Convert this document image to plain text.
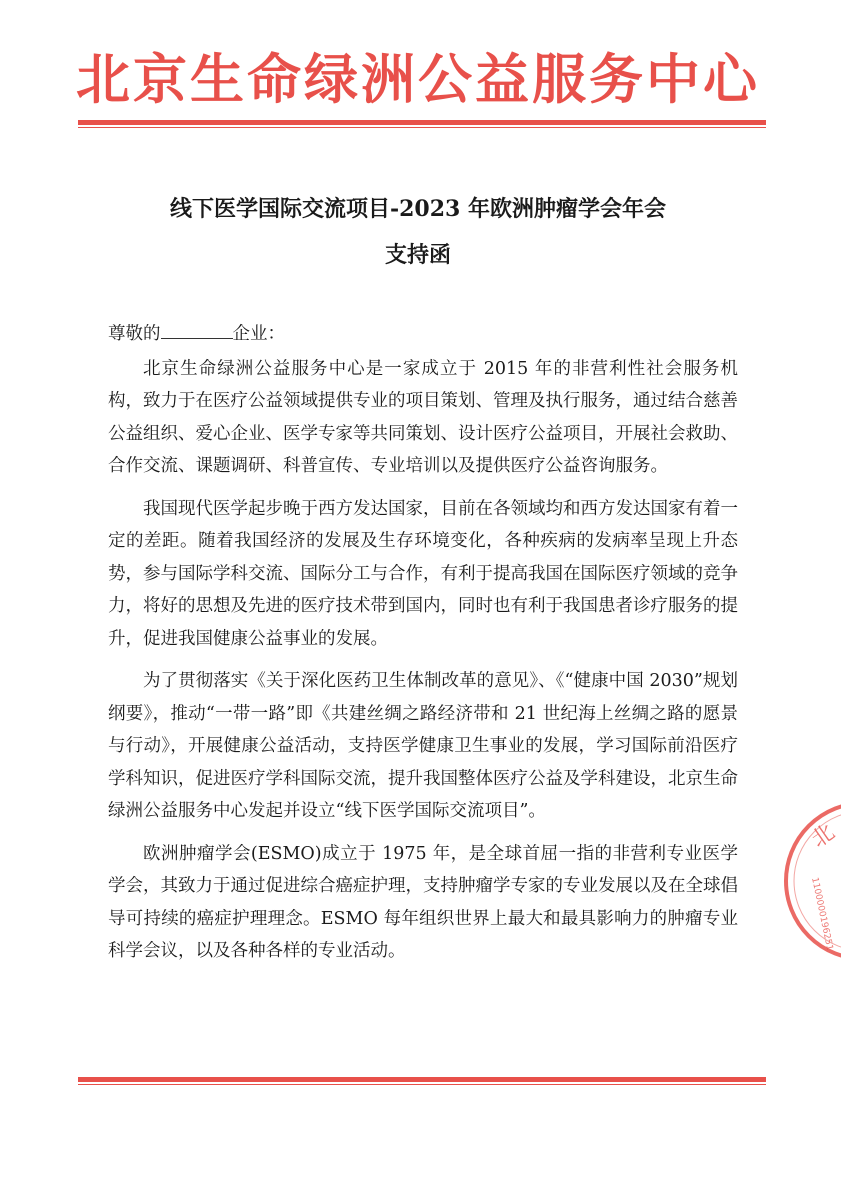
北京生命绿洲公益服务中心
线下医学国际交流项目-2023 年欧洲肿瘤学会年会
支持函

尊敬的	企业：

北京生命绿洲公益服务中心是一家成立于 2015 年的非营利性社会服务机构，致力于在医疗公益领域提供专业的项目策划、管理及执行服务，通过结合慈善公益组织、爱心企业、医学专家等共同策划、设计医疗公益项目，开展社会救助、合作交流、课题调研、科普宣传、专业培训以及提供医疗公益咨询服务。

我国现代医学起步晚于西方发达国家，目前在各领域均和西方发达国家有着一定的差距。随着我国经济的发展及生存环境变化，各种疾病的发病率呈现上升态势，参与国际学科交流、国际分工与合作，有利于提高我国在国际医疗领域的竞争力，将好的思想及先进的医疗技术带到国内，同时也有利于我国患者诊疗服务的提升，促进我国健康公益事业的发展。

为了贯彻落实《关于深化医药卫生体制改革的意见》、《“健康中国 2030”规划纲要》，推动“一带一路”即《共建丝绸之路经济带和 21 世纪海上丝绸之路的愿景与行动》，开展健康公益活动，支持医学健康卫生事业的发展，学习国际前沿医疗学科知识，促进医疗学科国际交流，提升我国整体医疗公益及学科建设，北京生命绿洲公益服务中心发起并设立“线下医学国际交流项目”。

欧洲肿瘤学会(ESMO)成立于 1975 年，是全球首屈一指的非营利专业医学学会，其致力于通过促进综合癌症护理，支持肿瘤学专家的专业发展以及在全球倡导可持续的癌症护理理念。ESMO 每年组织世界上最大和最具影响力的肿瘤专业科学会议，以及各种各样的专业活动。

北
1100000196251
